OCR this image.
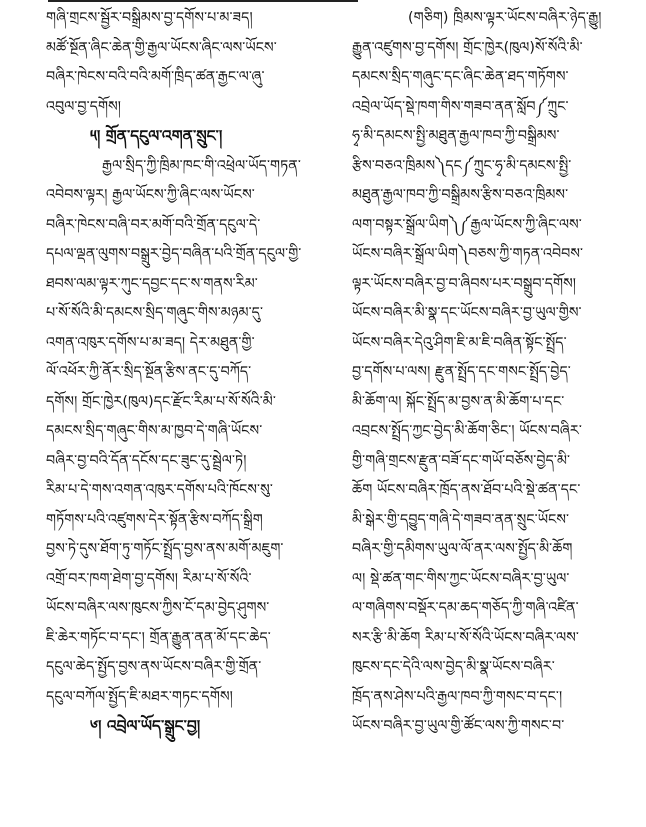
གཞི་གྲངས་སྦྱོར་བསྒྲིམས་བྱ་དགོས་པ་མ་ཟད།
མཚོ་སྔོན་ཞིང་ཆེན་གྱི་རྒྱལ་ཡོངས་ཞིང་ལས་ཡོངས་
བཞིར་ཁེངས་བའི་བའི་མགོ་ཁྲིད་ཚན་རྒྱང་ལ་ཞུ་
འབུལ་བྱ་དགོས།
༥། གྲོན་དངུལ་འགན་སྲུང་།
རྒྱལ་སྲིད་ཀྱི་ཁྲིམ་ཁང་གི་འཕྲེལ་ཡོད་གཏན་
འབེབས་ལྟར། རྒྱལ་ཡོངས་ཀྱི་ཞིང་ལས་ཡོངས་
བཞིར་ཁེངས་བཞི་བར་མགོ་བའི་གྲོན་དངུལ་དེ་
དཔལ་ལྡན་ལུགས་བསྒྲུར་བྱེད་བཞིན་པའི་གྲོན་དངུལ་གྱི་
ཐབས་ལམ་ལྟར་ཀུང་དབྱང་དང་ས་གནས་རིམ་
པ་སོ་སོའི་མི་དམངས་སྲིད་གཞུང་གིས་མཉམ་དུ་
འགན་འཁུར་དགོས་པ་མ་ཟད། དེར་མཐུན་གྱི་
ལོ་འཕོར་ཀྱི་ནོར་སྲིད་སྔོན་རྩིས་ནང་དུ་བཀོད་
དགོས། གྲོང་ཁྱེར(ཁུལ)དང་རྫོང་རིམ་པ་སོ་སོའི་མི་
དམངས་སྲིད་གཞུང་གིས་མ་ཁྱབ་དེ་གཞི་ཡོངས་
བཞིར་བྱ་བའི་དོན་དངོས་དང་ཟུང་དུ་སྦྲེལ་ཏེ།
རིམ་པ་དེ་གས་འགན་འཁུར་དགོས་པའི་ཁོངས་སུ་
གཏོགས་པའི་འཛུགས་དེར་སྟོན་རྩིས་བཀོད་སྒྲིག
བྱས་ཏེ་དུས་ཐོག་ཏུ་གཏོང་སྤྲོད་བྱས་ནས་མགོ་མཇུག་
འགྲོ་བར་ཁག་ཐེག་བྱ་དགོས། རིམ་པ་སོ་སོའི་
ཡོངས་བཞིར་ལས་ཁུངས་ཀྱིས་ངོ་དམ་བྱེད་ཤུགས་
ཇི་ཆེར་གཏོང་བ་དང་། གྲོན་རྒྱུན་ནན་མོ་དང་ཆེད་
དངུལ་ཆེད་སྤྱོད་བྱས་ནས་ཡོངས་བཞིར་གྱི་གྲོན་
དངུལ་བཀོལ་སྤྱོད་ཇི་མཐར་གཏང་དགོས།
༦། འབྲེལ་ཡོད་སྒྲུང་བྱ།
(གཅིག) ཁྲིམས་ལྟར་ཡོངས་བཞིར་ཉེད་རྒྱུ།
རྒྱུན་འཛུགས་བྱ་དགོས། གྲོང་ཁྱེར(ཁུལ)སོ་སོའི་མི་
དམངས་སྲིད་གཞུང་དང་ཞིང་ཆེན་ཐད་གཏོགས་
འབྲེལ་ཡོད་སྡེ་ཁག་གིས་གཟབ་ནན་སློབ༼ཀྲུང་
ཧྭ་མི་དམངས་སྤྱི་མཐུན་རྒྱལ་ཁབ་ཀྱི་བསྒྲིམས་
རྩིས་བཅའ་ཁྲིམས༽དང༼ཀྲུང་ཧྭ་མི་དམངས་སྤྱི་
མཐུན་རྒྱལ་ཁབ་ཀྱི་བསྒྲིམས་རྩིས་བཅའ་ཁྲིམས་
ལག་བསྟར་སྒྲོལ་ཡིག༽༼རྒྱལ་ཡོངས་ཀྱི་ཞིང་ལས་
ཡོངས་བཞིར་སྒྲོལ་ཡིག༽བཅས་ཀྱི་གཏན་འབེབས་
ལྟར་ཡོངས་བཞིར་བྱ་བ་ཞིབས་པར་བསྒྲུབ་དགོས།
ཡོངས་བཞིར་མི་སྣ་དང་ཡོངས་བཞིར་བྱ་ཡུལ་གྱིས་
ཡོངས་བཞིར་དེའུ་ཤིག་ཇི་མ་ཇི་བཞིན་སྟོང་སྤྲོད་
བྱ་དགོས་པ་ལས། རྫུན་སྤྲོད་དང་གསང་སྤྲོད་བྱེད་
མི་ཆོག་ལ། སྐོང་སྤྲོད་མ་བྱས་ན་མི་ཆོག་པ་དང་
འབྲངས་སྤྲོད་ཀྱང་བྱེད་མི་ཆོག་ཅིང་། ཡོངས་བཞིར་
གྱི་གཞི་གྲངས་རྫུན་བཟོ་དང་གཡོ་བཅོས་བྱེད་མི་
ཆོག ཡོངས་བཞིར་ཁྲོད་ནས་ཐོབ་པའི་སྡེ་ཚན་དང་
མི་སྒེར་གྱི་དབྱུད་གཞི་དེ་གཟབ་ནན་སྲུང་ཡོངས་
བཞིར་གྱི་དམིགས་ཡུལ་ལོ་ནར་ལས་སྤྱོད་མི་ཆོག
ལ། སྡེ་ཚན་གང་གིས་ཀྱང་ཡོངས་བཞིར་བྱ་ཡུལ་
ལ་གཞིགས་བསྡོར་དམ་ཆད་གཅོད་ཀྱི་གཞི་འཛིན་
སར་རྩི་མི་ཆོག རིམ་པ་སོ་སོའི་ཡོངས་བཞིར་ལས་
ཁུངས་དང་དེའི་ལས་བྱེད་མི་སྣ་ཡོངས་བཞིར་
ཁྲོད་ནས་ཤེས་པའི་རྒྱལ་ཁབ་ཀྱི་གསང་བ་དང་།
ཡོངས་བཞིར་བྱ་ཡུལ་གྱི་ཚོང་ལས་ཀྱི་གསང་བ་
